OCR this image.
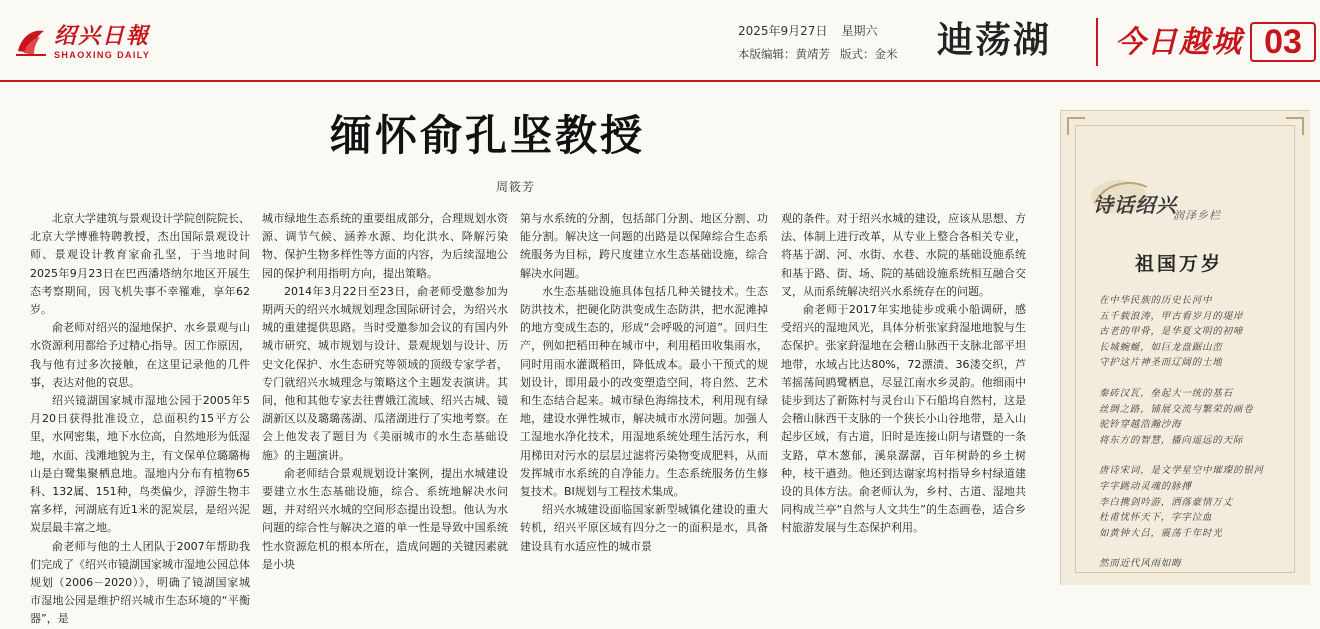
绍兴日報
SHAOXING DAILY
2025年9月27日 星期六
本版编辑：黄靖芳 版式：金米 迪荡湖 今日越城 03
缅怀俞孔坚教授
周筱芳

北京大学建筑与景观设计学院创院院长、北京大学博雅特聘教授，杰出国际景观设计师、景观设计教育家俞孔坚，于当地时间2025年9月23日在巴西潘塔纳尔地区开展生态考察期间，因飞机失事不幸罹难，享年62岁。

俞老师对绍兴的湿地保护、水乡景观与山水资源利用都给予过精心指导。因工作原因，我与他有过多次接触，在这里记录他的几件事，表达对他的哀思。

绍兴镜湖国家城市湿地公园于2005年5月20日获得批准设立，总面积约15平方公里，水网密集，地下水位高，自然地形为低湿地，水面、浅滩地貌为主，有文保单位璐璐梅山是白鹭集聚栖息地。湿地内分布有植物65科、132属、151种，鸟类偏少，浮游生物丰富多样，河湖底有近1米的泥炭层，是绍兴泥炭层最丰富之地。

俞老师与他的土人团队于2007年帮助我们完成了《绍兴市镜湖国家城市湿地公园总体规划（2006－2020）》，明确了镜湖国家城市湿地公园是维护绍兴城市生态环境的“平衡器”，是

城市绿地生态系统的重要组成部分，合理规划水资源、调节气候、涵养水源、均化洪水、降解污染物、保护生物多样性等方面的内容，为后续湿地公园的保护利用指明方向，提出策略。

2014年3月22日至23日，俞老师受邀参加为期两天的绍兴水城规划理念国际研讨会，为绍兴水城的重建提供思路。当时受邀参加会议的有国内外城市研究、城市规划与设计、景观规划与设计、历史文化保护、水生态研究等领域的顶级专家学者，专门就绍兴水城理念与策略这个主题发表演讲。其间，他和其他专家去往曹娥江流域、绍兴古城、镜湖新区以及璐璐荡湖、瓜渚湖进行了实地考察。在会上他发表了题目为《美丽城市的水生态基础设施》的主题演讲。

俞老师结合景观规划设计案例，提出水城建设要建立水生态基础设施，综合、系统地解决水问题，并对绍兴水城的空间形态提出设想。他认为水问题的综合性与解决之道的单一性是导致中国系统性水资源危机的根本所在，造成问题的关键因素就是小块

第与水系统的分割，包括部门分割、地区分割、功能分割。解决这一问题的出路是以保障综合生态系统服务为目标，跨尺度建立水生态基础设施，综合解决水问题。

水生态基础设施具体包括几种关键技术。生态防洪技术，把硬化防洪变成生态防洪，把水泥滩掉的地方变成生态的，形成“会呼吸的河道”。回归生产，例如把稻田种在城市中，利用稻田收集雨水，同时用雨水灌溉稻田，降低成本。最小干预式的规划设计，即用最小的改变塑造空间，将自然、艺术和生态结合起来。城市绿色海绵技术，利用现有绿地，建设水弹性城市，解决城市水涝问题。加强人工湿地水净化技术，用湿地系统处理生活污水，利用梯田对污水的层层过滤将污染物变成肥料，从而发挥城市水系统的自净能力。生态系统服务仿生修复技术。BI规划与工程技术集成。

绍兴水城建设面临国家新型城镇化建设的重大转机，绍兴平原区域有四分之一的面积是水，具备建设具有水适应性的城市景

观的条件。对于绍兴水城的建设，应该从思想、方法、体制上进行改革，从专业上整合各相关专业，将基于湖、河、水街、水巷、水院的基础设施系统和基于路、街、场、院的基础设施系统相互融合交叉，从而系统解决绍兴水系统存在的问题。

俞老师于2017年实地徒步或乘小船调研，感受绍兴的湿地风光，具体分析张家葑湿地地貌与生态保护。张家葑湿地在会稽山脉西干支脉北部平坦地带，水域占比达80%，72漂渍、36溇交织，芦苇摇荡间鸥鹭栖息，尽显江南水乡灵韵。他细雨中徒步到达了新陈村与灵台山下石船坞自然村，这是会稽山脉西干支脉的一个狭长小山谷地带，是入山起步区域，有古道，旧时是连接山阴与诸暨的一条支路，草木葱郁，溪泉潺潺，百年树龄的乡土树种，枝干遒劲。他还到达谢家坞村指导乡村绿道建设的具体方法。俞老师认为，乡村、古道、湿地共同构成兰亭“自然与人文共生”的生态画卷，适合乡村旅游发展与生态保护利用。

诗话绍兴
润泽乡栏
祖国万岁
在中华民族的历史长河中
五千载浪涛，甲古看岁月的堤岸
古老的甲骨，是华夏文明的初啼
长城蜿蜒，如巨龙盘踞山峦
守护这片神圣而辽阔的土地
秦砖汉瓦，垒起大一统的基石
丝绸之路，铺展交流与繁荣的画卷
驼铃穿越浩瀚沙海
将东方的智慧，播向遥远的天际
唐诗宋词，是文学星空中璀璨的银河
字字跳动灵魂的脉搏
李白携剑吟游，洒落豪情万丈
杜甫忧怀天下，字字泣血
如黄钟大吕，震荡千年时光
然而近代风雨如晦
